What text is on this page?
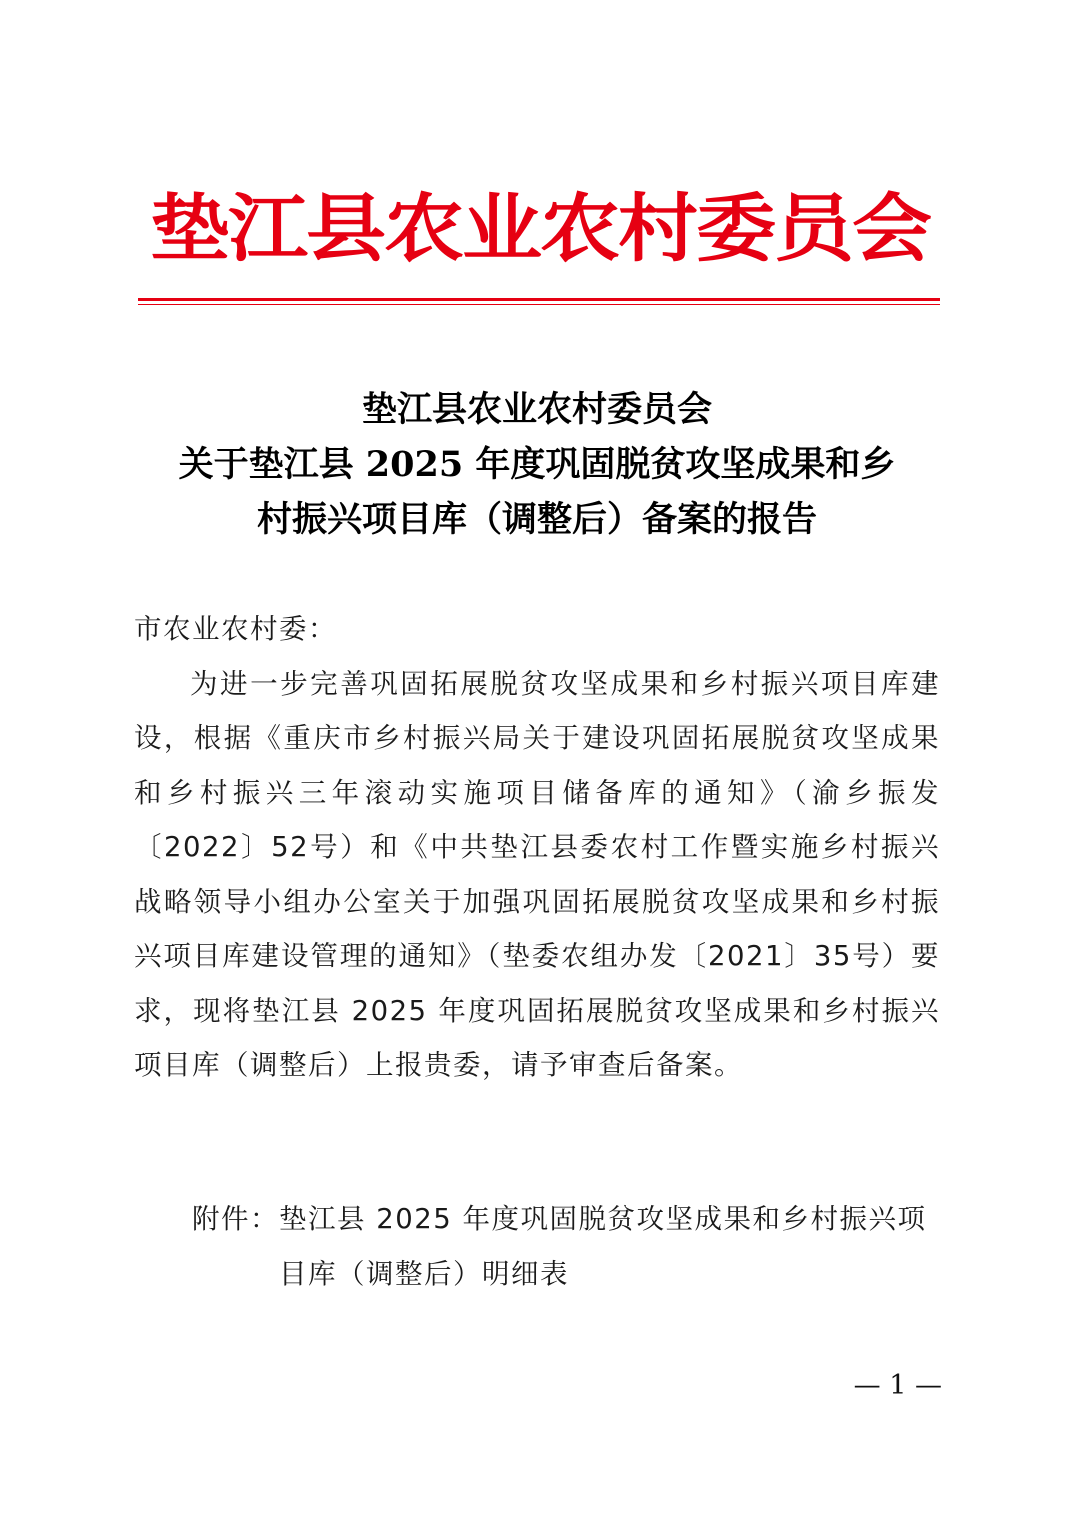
垫江县农业农村委员会
垫江县农业农村委员会
关于垫江县 2025 年度巩固脱贫攻坚成果和乡
村振兴项目库（调整后）备案的报告
市农业农村委：
为进一步完善巩固拓展脱贫攻坚成果和乡村振兴项目库建设，根据《重庆市乡村振兴局关于建设巩固拓展脱贫攻坚成果和乡村振兴三年滚动实施项目储备库的通知》（渝乡振发〔2022〕52号）和《中共垫江县委农村工作暨实施乡村振兴战略领导小组办公室关于加强巩固拓展脱贫攻坚成果和乡村振兴项目库建设管理的通知》（垫委农组办发〔2021〕35号）要求，现将垫江县 2025 年度巩固拓展脱贫攻坚成果和乡村振兴项目库（调整后）上报贵委，请予审查后备案。
附件： 垫江县 2025 年度巩固脱贫攻坚成果和乡村振兴项目库（调整后）明细表
— 1 —
